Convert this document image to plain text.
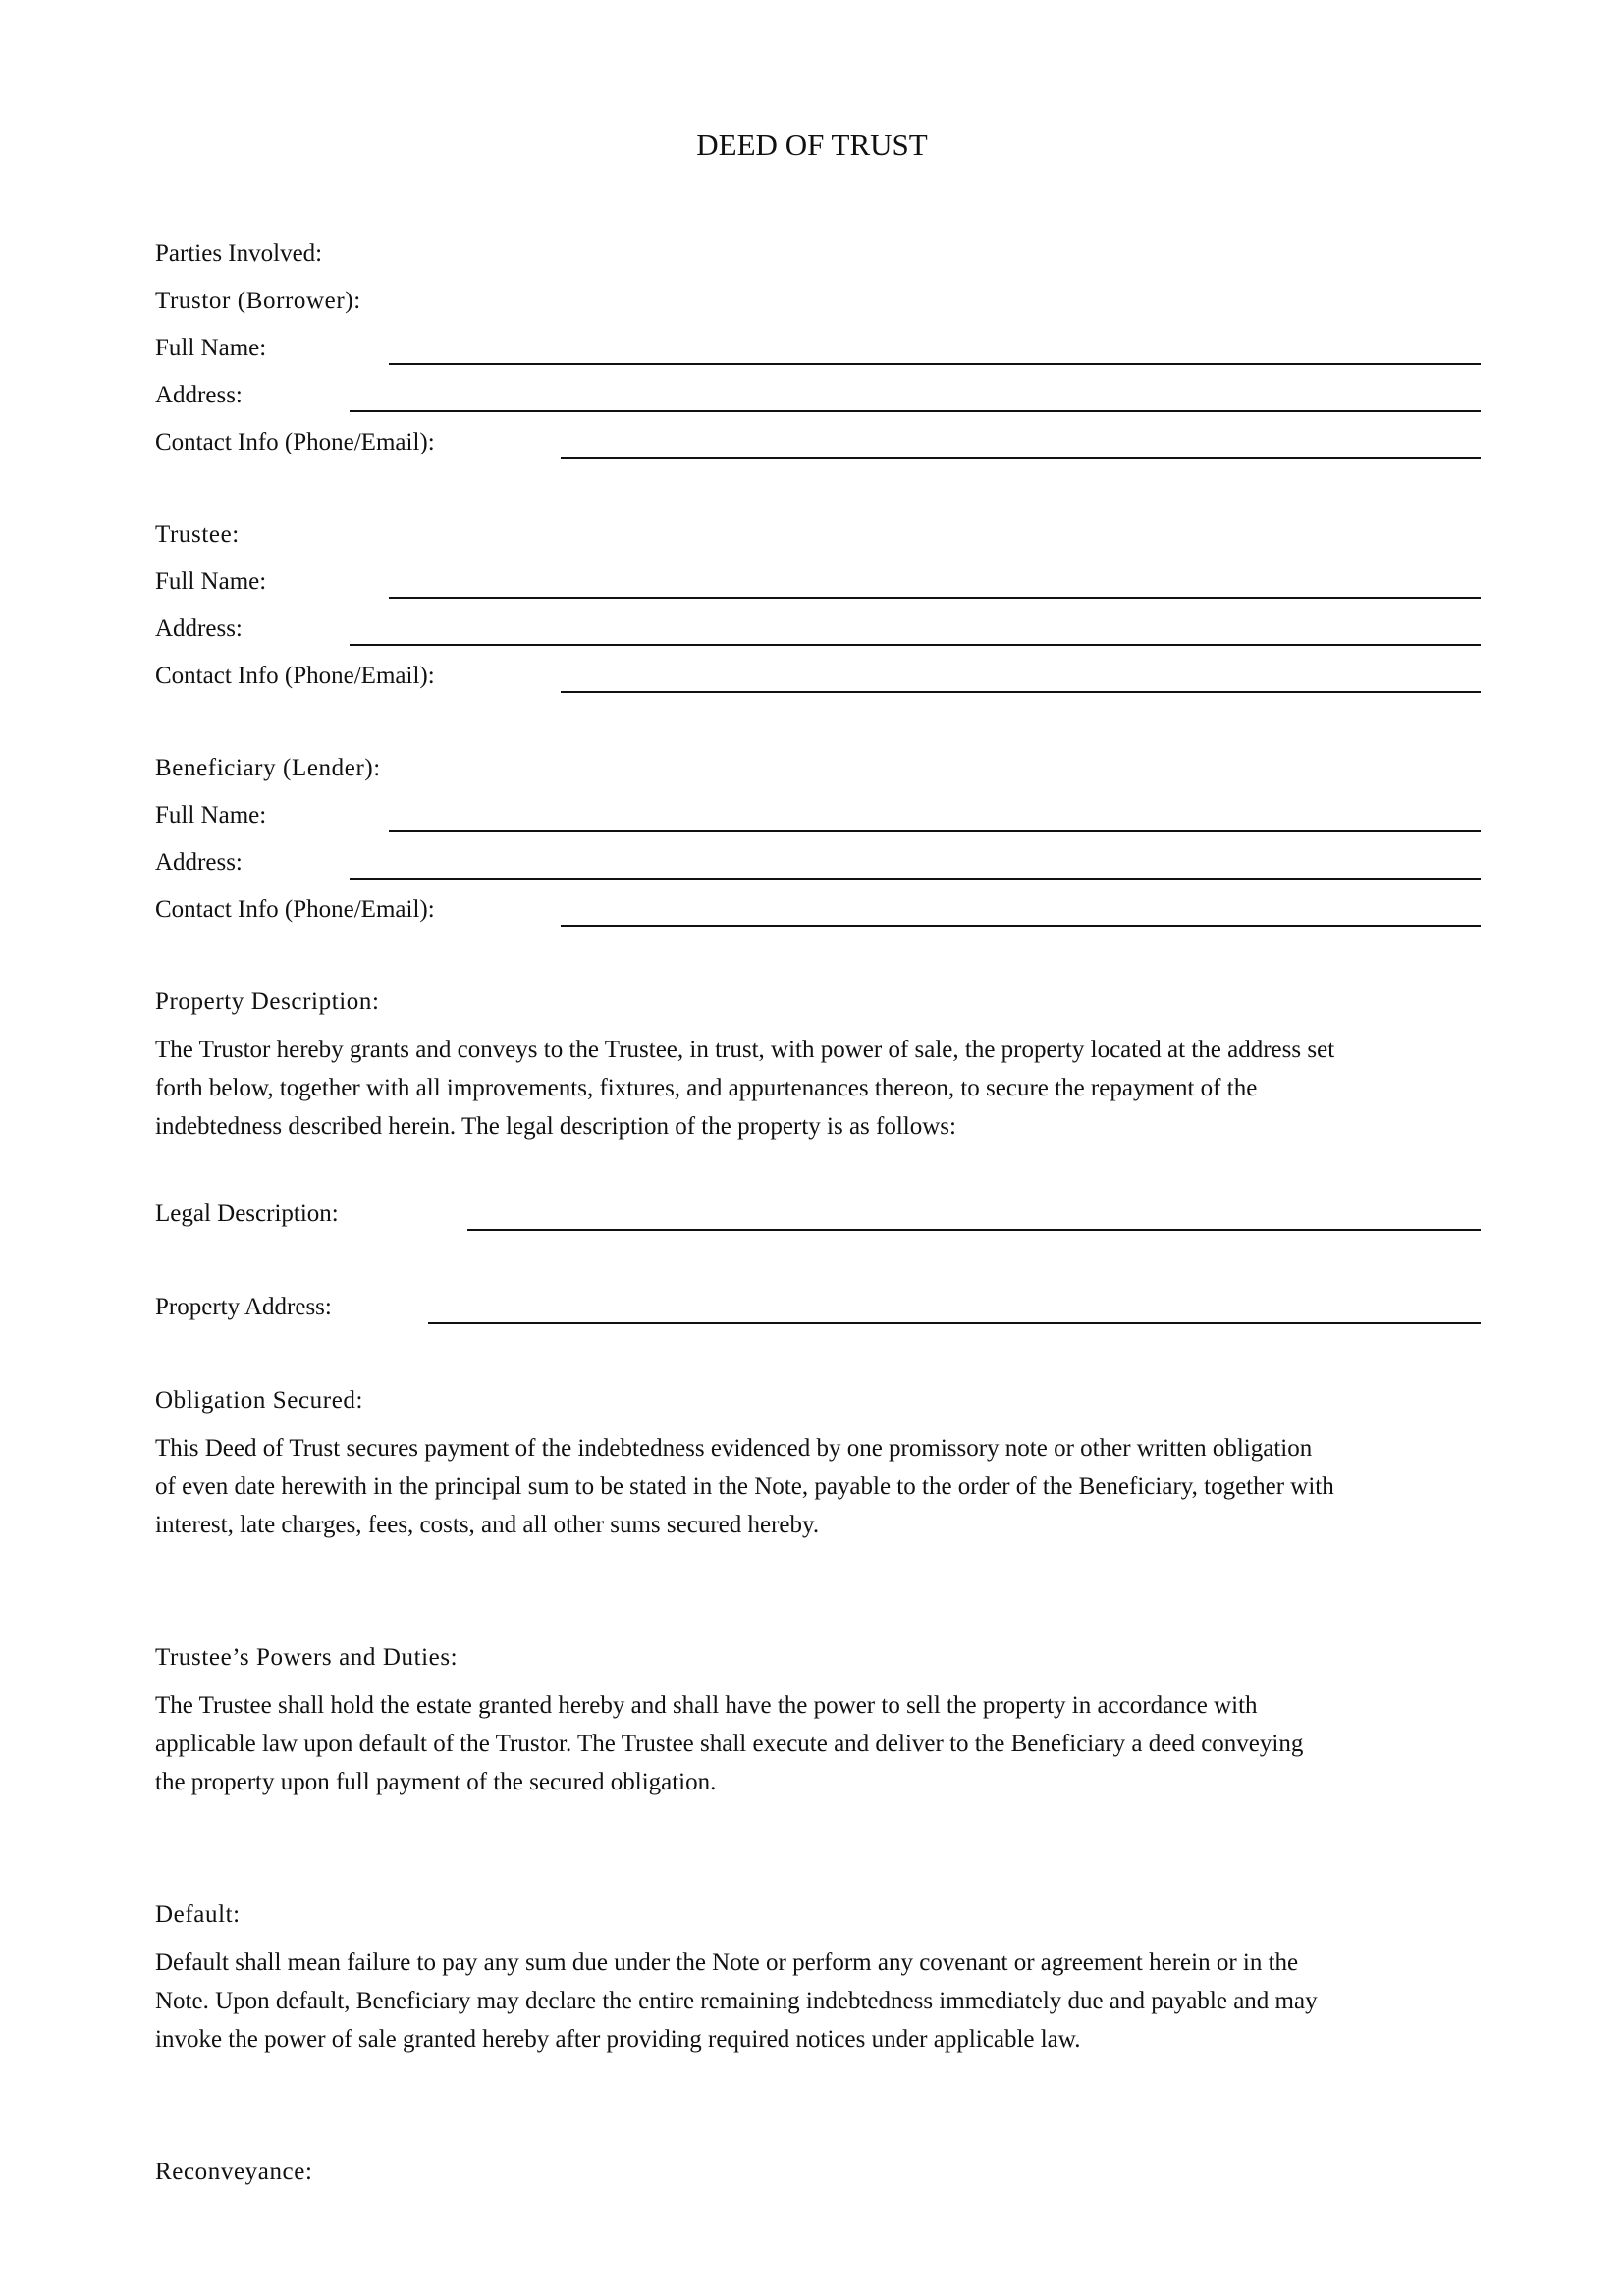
DEED OF TRUST
Parties Involved:
Trustor (Borrower):
Full Name:
Address:
Contact Info (Phone/Email):
Trustee:
Full Name:
Address:
Contact Info (Phone/Email):
Beneficiary (Lender):
Full Name:
Address:
Contact Info (Phone/Email):
Property Description:
The Trustor hereby grants and conveys to the Trustee, in trust, with power of sale, the property located at the address set
forth below, together with all improvements, fixtures, and appurtenances thereon, to secure the repayment of the
indebtedness described herein. The legal description of the property is as follows:
Legal Description:
Property Address:
Obligation Secured:
This Deed of Trust secures payment of the indebtedness evidenced by one promissory note or other written obligation
of even date herewith in the principal sum to be stated in the Note, payable to the order of the Beneficiary, together with
interest, late charges, fees, costs, and all other sums secured hereby.
Trustee’s Powers and Duties:
The Trustee shall hold the estate granted hereby and shall have the power to sell the property in accordance with
applicable law upon default of the Trustor. The Trustee shall execute and deliver to the Beneficiary a deed conveying
the property upon full payment of the secured obligation.
Default:
Default shall mean failure to pay any sum due under the Note or perform any covenant or agreement herein or in the
Note. Upon default, Beneficiary may declare the entire remaining indebtedness immediately due and payable and may
invoke the power of sale granted hereby after providing required notices under applicable law.
Reconveyance:
